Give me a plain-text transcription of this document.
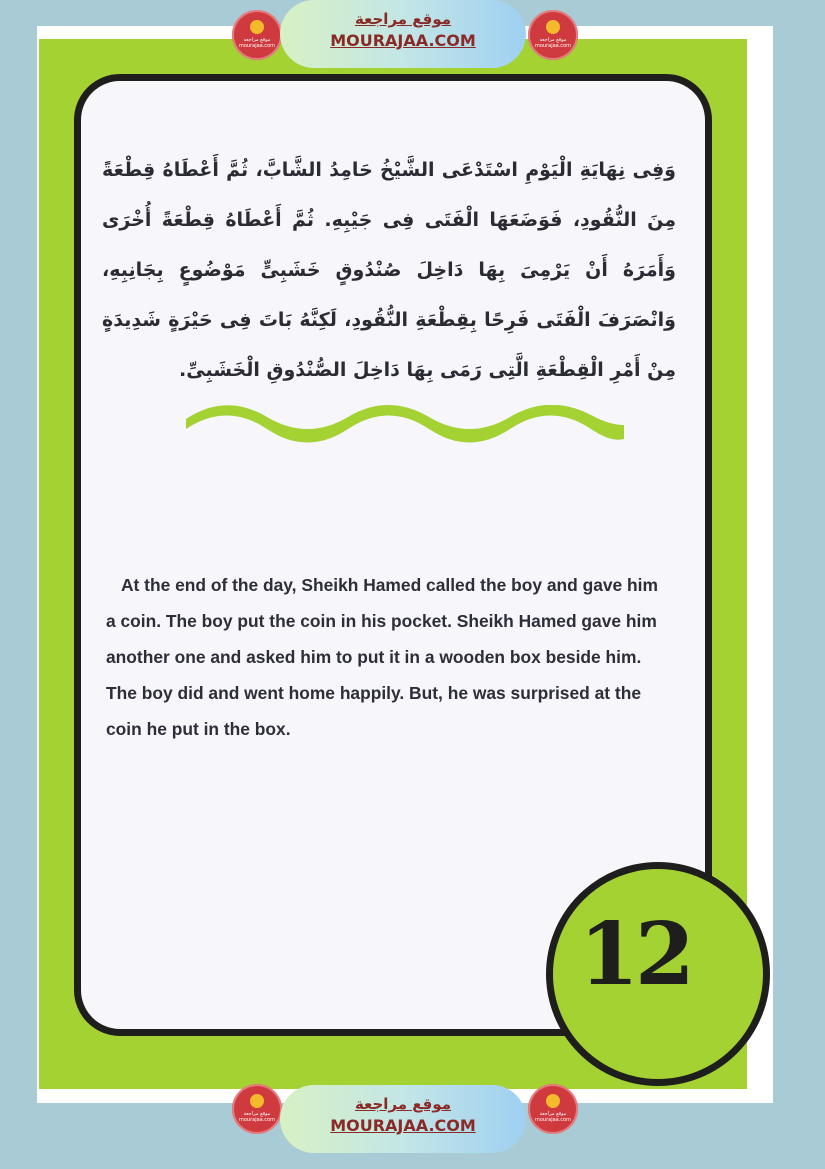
وَفِى نِهَايَةِ الْيَوْمِ اسْتَدْعَى الشَّيْخُ حَامِدُ الشَّابَّ، ثُمَّ أَعْطَاهُ قِطْعَةً مِنَ النُّقُودِ، فَوَضَعَهَا الْفَتَى فِى جَيْبِهِ. ثُمَّ أَعْطَاهُ قِطْعَةً أُخْرَى وَأَمَرَهُ أَنْ يَرْمِىَ بِهَا دَاخِلَ صُنْدُوقٍ خَشَبِىٍّ مَوْضُوعٍ بِجَانِبِهِ، وَانْصَرَفَ الْفَتَى فَرِحًا بِقِطْعَةِ النُّقُودِ، لَكِنَّهُ بَاتَ فِى حَيْرَةٍ شَدِيدَةٍ مِنْ أَمْرِ الْقِطْعَةِ الَّتِى رَمَى بِهَا دَاخِلَ الصُّنْدُوقِ الْخَشَبِىِّ.

At the end of the day, Sheikh Hamed called the boy and gave him a coin. The boy put the coin in his pocket. Sheikh Hamed gave him another one and asked him to put it in a wooden box beside him. The boy did and went home happily. But, he was surprised at the coin he put in the box.

12
موقع مراجعة
mourajaa.com
موقع مراجعة
MOURAJAA.COM	موقع مراجعة
mourajaa.com
موقع مراجعة
mourajaa.com
موقع مراجعة
MOURAJAA.COM
موقع مراجعة
mourajaa.com
